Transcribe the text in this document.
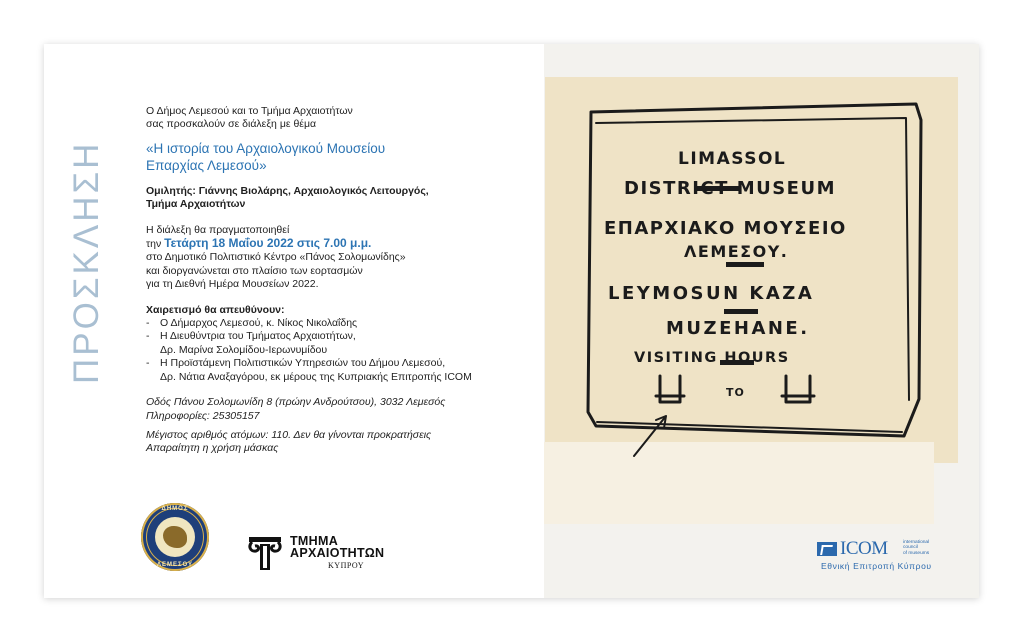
ΠΡΟΣΚΛΗΣΗ

Ο Δήμος Λεμεσού και το Τμήμα Αρχαιοτήτων

σας προσκαλούν σε διάλεξη με θέμα

«Η ιστορία του Αρχαιολογικού Μουσείου
Επαρχίας Λεμεσού»

Ομιλητής: Γιάννης Βιολάρης, Αρχαιολογικός Λειτουργός,
Τμήμα Αρχαιοτήτων

Η διάλεξη θα πραγματοποιηθεί

την Τετάρτη 18 Μαΐου 2022 στις 7.00 μ.μ.

στο Δημοτικό Πολιτιστικό Κέντρο «Πάνος Σολομωνίδης»

και διοργανώνεται στο πλαίσιο των εορτασμών

για τη Διεθνή Ημέρα Μουσείων 2022.

Χαιρετισμό θα απευθύνουν:

- Ο Δήμαρχος Λεμεσού, κ. Νίκος Νικολαΐδης
- Η Διευθύντρια του Τμήματος Αρχαιοτήτων,
Δρ. Μαρίνα Σολομίδου-Ιερωνυμίδου
- Η Προϊστάμενη Πολιτιστικών Υπηρεσιών του Δήμου Λεμεσού,
Δρ. Νάτια Αναξαγόρου, εκ μέρους της Κυπριακής Επιτροπής ICOM

Οδός Πάνου Σολομωνίδη 8 (πρώην Ανδρούτσου), 3032 Λεμεσός

Πληροφορίες: 25305157

Μέγιστος αριθμός ατόμων: 110. Δεν θα γίνονται προκρατήσεις

Απαραίτητη η χρήση μάσκας

ΔΗΜΟΣ
ΛΕΜΕΣΟΥ
ΤΜΗΜΑ
ΑΡΧΑΙΟΤΗΤΩΝ
ΚΥΠΡΟΥ
LIMASSOL
DISTRICT MUSEUM
ΕΠΑΡΧΙΑΚΟ ΜΟΥΣΕΙΟ
ΛΕΜΕΣΟΥ.
LEYMOSUN KAZA
MUZEHANE.
VISITING HOURS
TO
ICOM	international
council
of museums
Εθνική Επιτροπή Κύπρου
